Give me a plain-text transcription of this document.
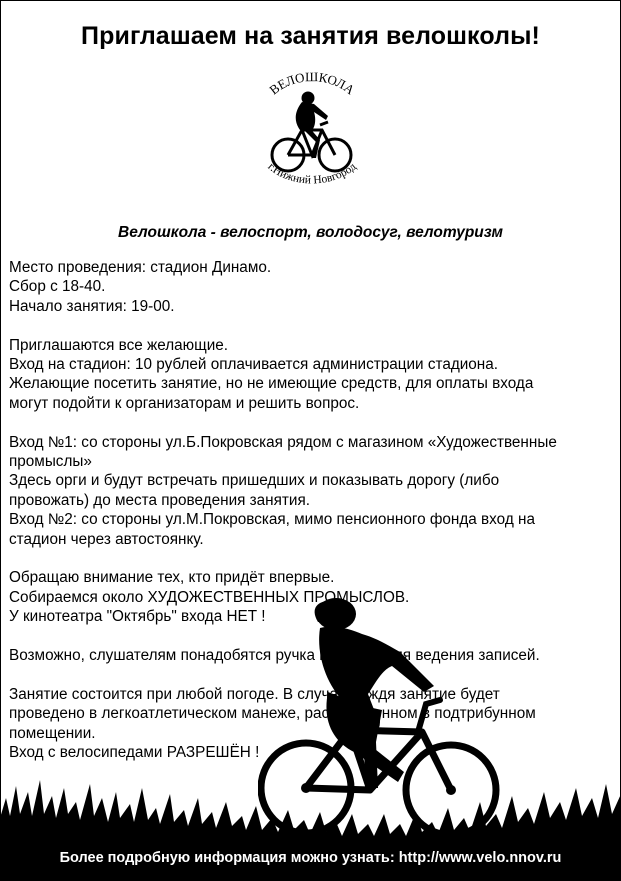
Приглашаем на занятия велошколы!
ВЕЛОШКОЛА
г.Нижний Новгород
Велошкола - велоспорт, володосуг, велотуризм
Место проведения: стадион Динамо.
Сбор с 18-40.
Начало занятия: 19-00.
Приглашаются все желающие.
Вход на стадион: 10 рублей оплачивается администрации стадиона.
Желающие посетить занятие, но не имеющие средств, для оплаты входа
могут подойти к организаторам и решить вопрос.
Вход №1: со стороны ул.Б.Покровская рядом с магазином «Художественные
промыслы»
Здесь орги и будут встречать пришедших и показывать дорогу (либо
провожать) до места проведения занятия.
Вход №2: со стороны ул.М.Покровская, мимо пенсионного фонда вход на
стадион через автостоянку.
Обращаю внимание тех, кто придёт впервые.
Собираемся около ХУДОЖЕСТВЕННЫХ ПРОМЫСЛОВ.
У кинотеатра "Октябрь" входа НЕТ !
Возможно, слушателям понадобятся ручка и бумага для ведения записей.
Занятие состоится при любой погоде. В случае дождя занятие будет
проведено в легкоатлетическом манеже, расположенном в подтрибунном
помещении.
Вход с велосипедами РАЗРЕШЁН !
Более подробную информация можно узнать: http://www.velo.nnov.ru
